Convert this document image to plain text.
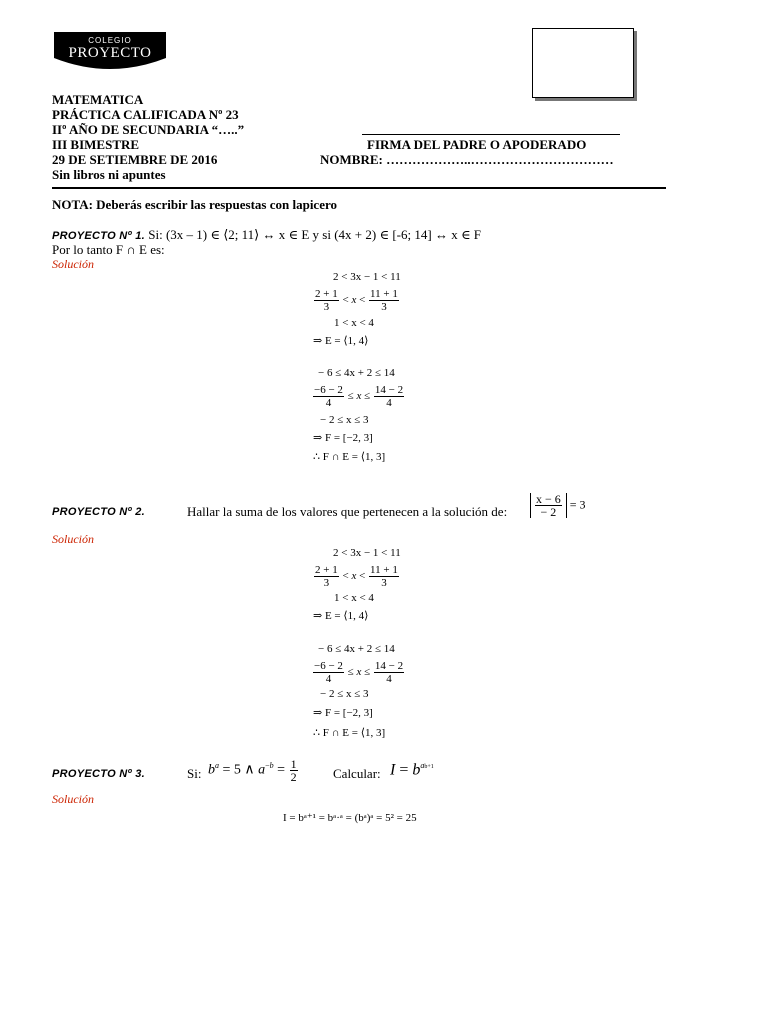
COLEGIO
PROYECTO
MATEMATICA
PRÁCTICA CALIFICADA Nº 23
IIº AÑO DE SECUNDARIA “…..”
III BIMESTRE
29 DE SETIEMBRE DE 2016
Sin libros ni apuntes
FIRMA DEL PADRE O APODERADO
NOMBRE: ………………..……………………………
NOTA: Deberás escribir las respuestas con lapicero
PROYECTO Nº 1. Si: (3x – 1) ∈ ⟨2; 11⟩ ↔ x ∈ E y si (4x + 2) ∈ [-6; 14] ↔ x ∈ F
Por lo tanto F ∩ E es:
Solución
2 < 3x − 1 < 11
$\frac{2 + 1}{3} < x < \frac{11 + 1}{3}$
1 < x < 4
⇒ E = ⟨1, 4⟩
− 6 ≤ 4x + 2 ≤ 14
$\frac{-6 - 2}{4} \le x \le \frac{14 - 2}{4}$
− 2 ≤ x ≤ 3
⇒ F = [−2, 3]
∴ F ∩ E = ⟨1, 3]
PROYECTO Nº 2.	Hallar la suma de los valores que pertenecen a la solución de: $\frac{x - 6}{- 2} = 3$
Solución
2 < 3x − 1 < 11
$\frac{2 + 1}{3} < x < \frac{11 + 1}{3}$
1 < x < 4
⇒ E = ⟨1, 4⟩
− 6 ≤ 4x + 2 ≤ 14
$\frac{-6 - 2}{4} \le x \le \frac{14 - 2}{4}$
− 2 ≤ x ≤ 3
⇒ F = [−2, 3]
∴ F ∩ E = ⟨1, 3]
PROYECTO Nº 3.	Si: $b^a = 5$ ∧ $a^{-b} = \frac{1}{2}$	Calcular: $I = b^{ab+1}$
Solución
I = bᵃ⁺¹ = bᵃ·ᵃ = (bᵃ)ᵃ = 5² = 25
